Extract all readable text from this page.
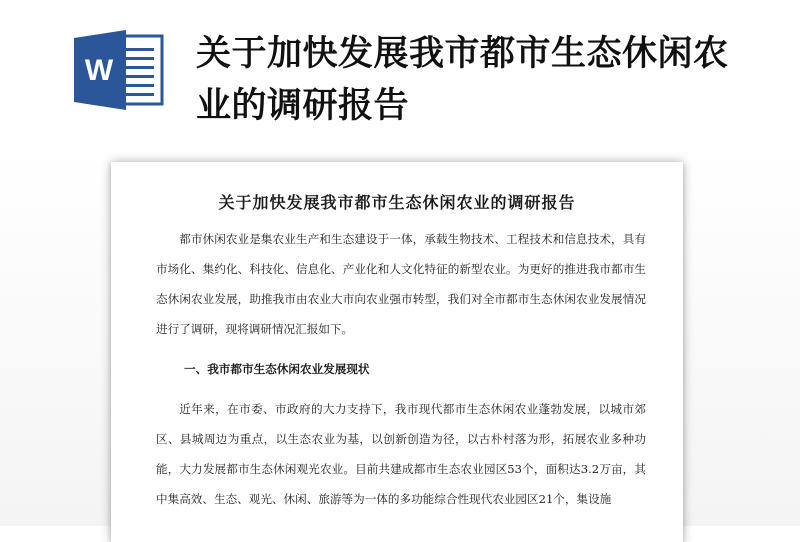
W 关于加快发展我市都市生态休闲农业的调研报告
关于加快发展我市都市生态休闲农业的调研报告

都市休闲农业是集农业生产和生态建设于一体，承载生物技术、工程技术和信息技术，具有市场化、集约化、科技化、信息化、产业化和人文化特征的新型农业。为更好的推进我市都市生态休闲农业发展，助推我市由农业大市向农业强市转型，我们对全市都市生态休闲农业发展情况进行了调研，现将调研情况汇报如下。

一、我市都市生态休闲农业发展现状

近年来，在市委、市政府的大力支持下，我市现代都市生态休闲农业蓬勃发展，以城市郊区、县城周边为重点，以生态农业为基，以创新创造为径，以古朴村落为形，拓展农业多种功能，大力发展都市生态休闲观光农业。目前共建成都市生态农业园区53个，面积达3.2万亩，其中集高效、生态、观光、休闲、旅游等为一体的多功能综合性现代农业园区21个，集设施
